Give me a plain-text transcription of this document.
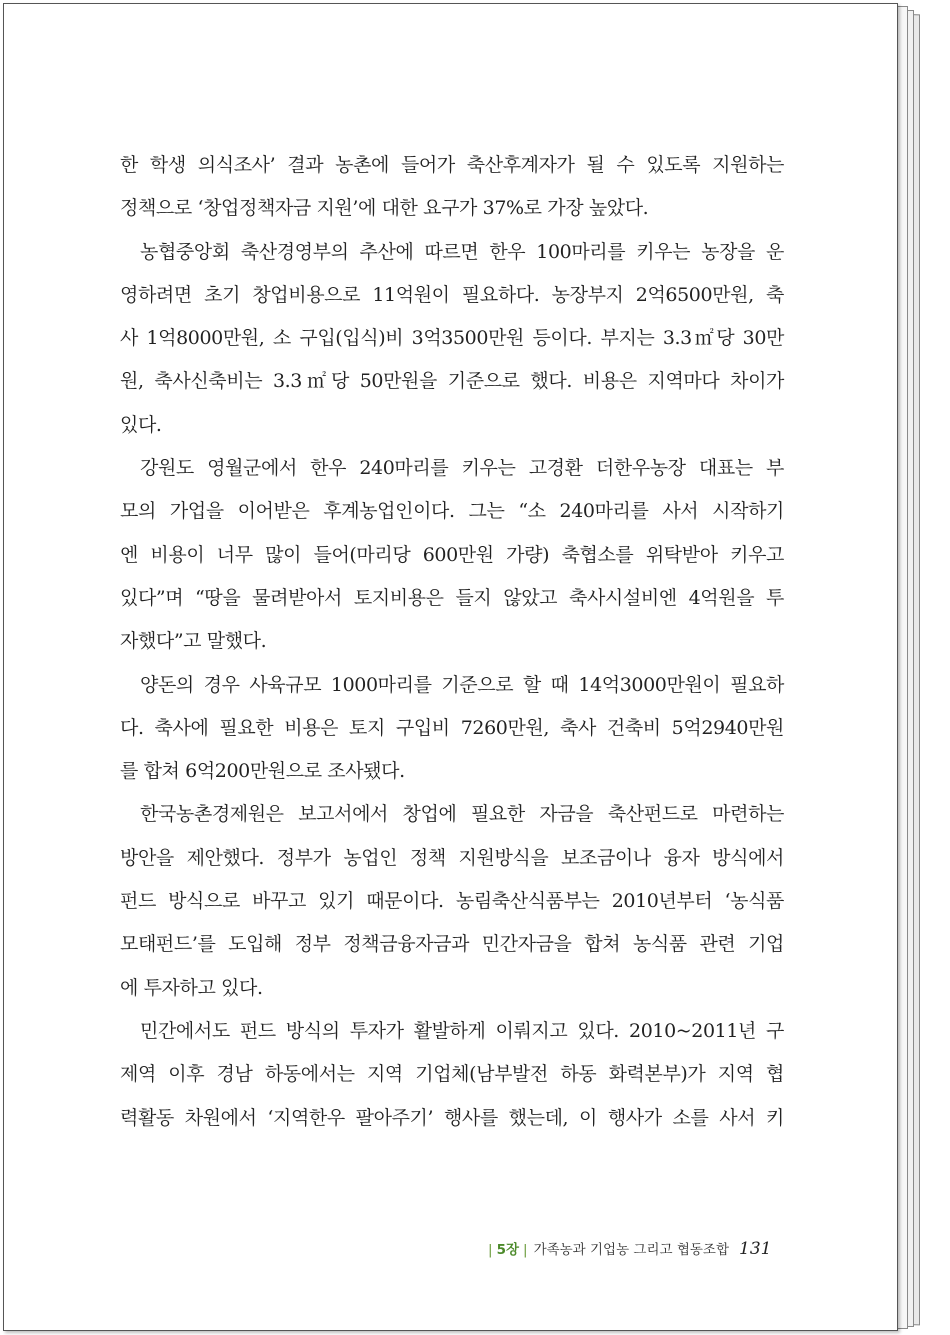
한 학생 의식조사’ 결과 농촌에 들어가 축산후계자가 될 수 있도록 지원하는
정책으로 ‘창업정책자금 지원’에 대한 요구가 37%로 가장 높았다.
농협중앙회 축산경영부의 추산에 따르면 한우 100마리를 키우는 농장을 운
영하려면 초기 창업비용으로 11억원이 필요하다. 농장부지 2억6500만원, 축
사 1억8000만원, 소 구입(입식)비 3억3500만원 등이다. 부지는 3.3㎡당 30만
원, 축사신축비는 3.3㎡당 50만원을 기준으로 했다. 비용은 지역마다 차이가
있다.
강원도 영월군에서 한우 240마리를 키우는 고경환 더한우농장 대표는 부
모의 가업을 이어받은 후계농업인이다. 그는 “소 240마리를 사서 시작하기
엔 비용이 너무 많이 들어(마리당 600만원 가량) 축협소를 위탁받아 키우고
있다”며 “땅을 물려받아서 토지비용은 들지 않았고 축사시설비엔 4억원을 투
자했다”고 말했다.
양돈의 경우 사육규모 1000마리를 기준으로 할 때 14억3000만원이 필요하
다. 축사에 필요한 비용은 토지 구입비 7260만원, 축사 건축비 5억2940만원
를 합쳐 6억200만원으로 조사됐다.
한국농촌경제원은 보고서에서 창업에 필요한 자금을 축산펀드로 마련하는
방안을 제안했다. 정부가 농업인 정책 지원방식을 보조금이나 융자 방식에서
펀드 방식으로 바꾸고 있기 때문이다. 농림축산식품부는 2010년부터 ‘농식품
모태펀드’를 도입해 정부 정책금융자금과 민간자금을 합쳐 농식품 관련 기업
에 투자하고 있다.
민간에서도 펀드 방식의 투자가 활발하게 이뤄지고 있다. 2010~2011년 구
제역 이후 경남 하동에서는 지역 기업체(남부발전 하동 화력본부)가 지역 협
력활동 차원에서 ‘지역한우 팔아주기’ 행사를 했는데, 이 행사가 소를 사서 키
| 5장 | 가족농과 기업농 그리고 협동조합 131
